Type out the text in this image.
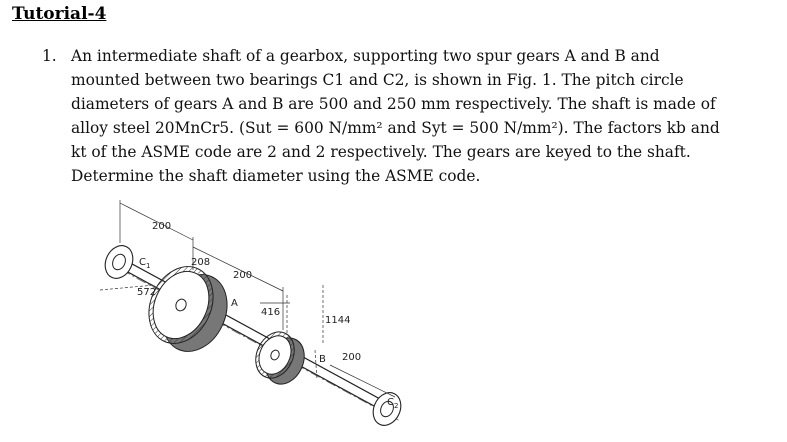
Tutorial-4
1. An intermediate shaft of a gearbox, supporting two spur gears A and B and
mounted between two bearings C1 and C2, is shown in Fig. 1. The pitch circle
diameters of gears A and B are 500 and 250 mm respectively. The shaft is made of
alloy steel 20MnCr5. (Sut = 600 N/mm² and Syt = 500 N/mm²). The factors kb and
kt of the ASME code are 2 and 2 respectively. The gears are keyed to the shaft.
Determine the shaft diameter using the ASME code.
200
208
200
572
416
1144
200
$C_1$
A
B
$C_2$
